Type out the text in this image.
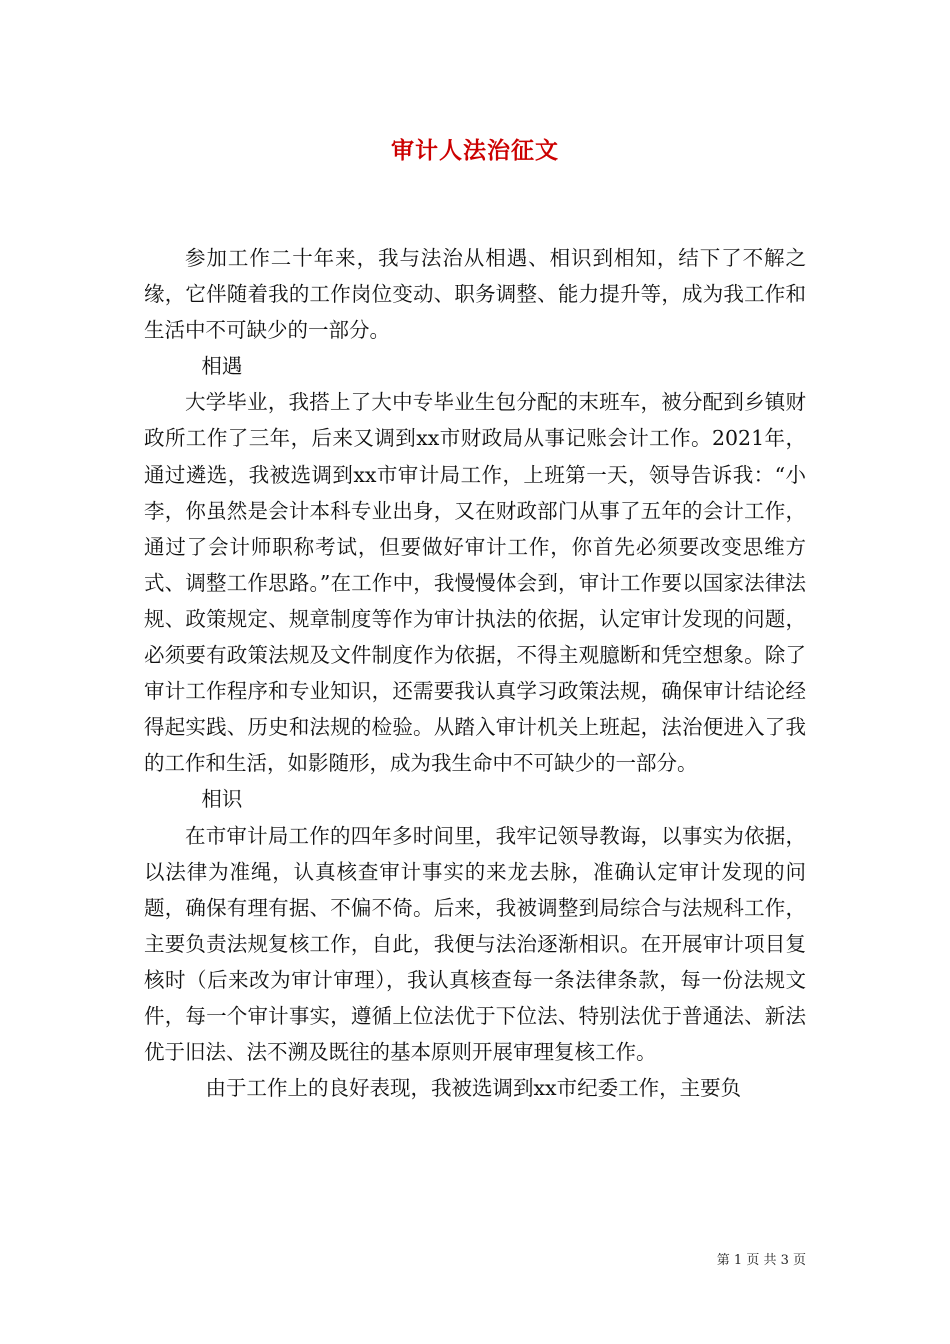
审计人法治征文

参加工作二十年来，我与法治从相遇、相识到相知，结下了不解之缘，它伴随着我的工作岗位变动、职务调整、能力提升等，成为我工作和生活中不可缺少的一部分。

相遇

大学毕业，我搭上了大中专毕业生包分配的末班车，被分配到乡镇财政所工作了三年，后来又调到xx市财政局从事记账会计工作。2021年，通过遴选，我被选调到xx市审计局工作，上班第一天，领导告诉我：“小李，你虽然是会计本科专业出身，又在财政部门从事了五年的会计工作，通过了会计师职称考试，但要做好审计工作，你首先必须要改变思维方式、调整工作思路。”在工作中，我慢慢体会到，审计工作要以国家法律法规、政策规定、规章制度等作为审计执法的依据，认定审计发现的问题，必须要有政策法规及文件制度作为依据，不得主观臆断和凭空想象。除了审计工作程序和专业知识，还需要我认真学习政策法规，确保审计结论经得起实践、历史和法规的检验。从踏入审计机关上班起，法治便进入了我的工作和生活，如影随形，成为我生命中不可缺少的一部分。

相识

在市审计局工作的四年多时间里，我牢记领导教诲，以事实为依据，以法律为准绳，认真核查审计事实的来龙去脉，准确认定审计发现的问题，确保有理有据、不偏不倚。后来，我被调整到局综合与法规科工作，主要负责法规复核工作，自此，我便与法治逐渐相识。在开展审计项目复核时（后来改为审计审理），我认真核查每一条法律条款，每一份法规文件，每一个审计事实，遵循上位法优于下位法、特别法优于普通法、新法优于旧法、法不溯及既往的基本原则开展审理复核工作。

由于工作上的良好表现，我被选调到xx市纪委工作，主要负

第 1 页 共 3 页
